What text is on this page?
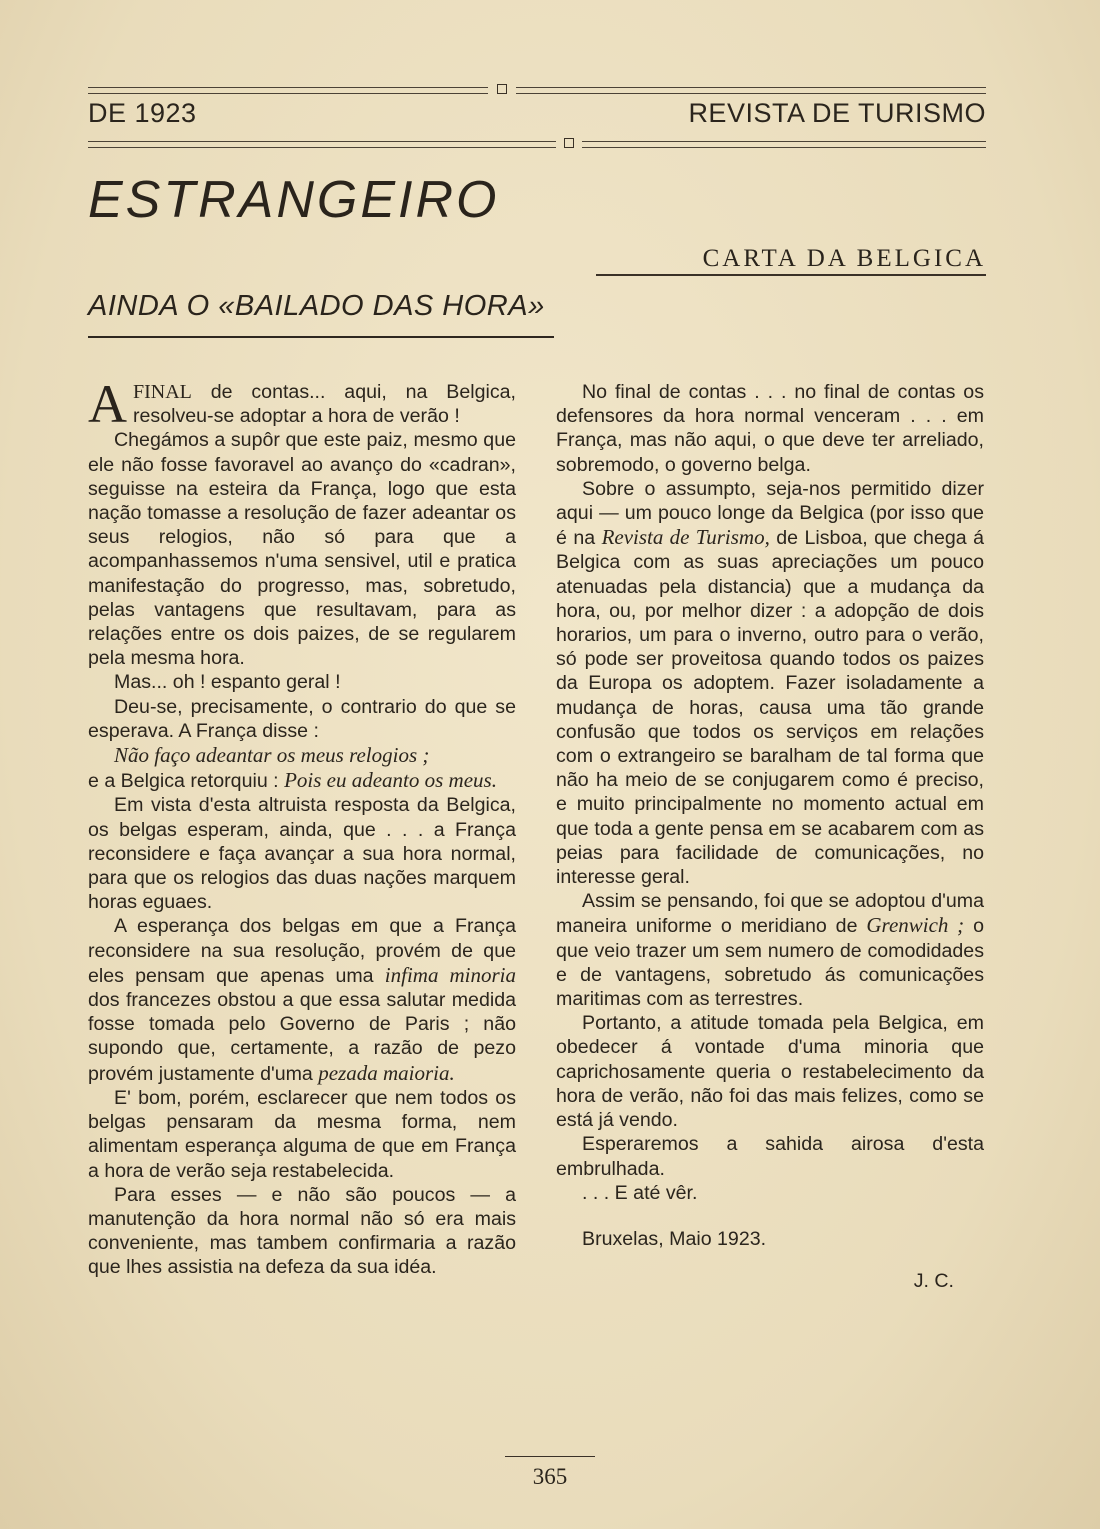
DE 1923	REVISTA DE TURISMO
ESTRANGEIRO
CARTA DA BELGICA
AINDA O «BAILADO DAS HORA»

AFINAL de contas... aqui, na Belgica, resolveu-se adoptar a hora de verão !

Chegámos a supôr que este paiz, mesmo que ele não fosse favoravel ao avanço do «cadran», seguisse na esteira da França, logo que esta nação tomasse a resolução de fazer adeantar os seus relogios, não só para que a acompanhassemos n'uma sensivel, util e pratica manifestação do progresso, mas, sobretudo, pelas vantagens que resultavam, para as relações entre os dois paizes, de se regularem pela mesma hora.

Mas... oh ! espanto geral !

Deu-se, precisamente, o contrario do que se esperava. A França disse :

Não faço adeantar os meus relogios ;

e a Belgica retorquiu : Pois eu adeanto os meus.

Em vista d'esta altruista resposta da Belgica, os belgas esperam, ainda, que . . . a França reconsidere e faça avançar a sua hora normal, para que os relogios das duas nações marquem horas eguaes.

A esperança dos belgas em que a França reconsidere na sua resolução, provém de que eles pensam que apenas uma infima minoria dos francezes obstou a que essa salutar medida fosse tomada pelo Governo de Paris ; não supondo que, certamente, a razão de pezo provém justamente d'uma pezada maioria.

E' bom, porém, esclarecer que nem todos os belgas pensaram da mesma forma, nem alimentam esperança alguma de que em França a hora de verão seja restabelecida.

Para esses — e não são poucos — a manutenção da hora normal não só era mais conveniente, mas tambem confirmaria a razão que lhes assistia na defeza da sua idéa.

No final de contas . . . no final de contas os defensores da hora normal venceram . . . em França, mas não aqui, o que deve ter arreliado, sobremodo, o governo belga.

Sobre o assumpto, seja-nos permitido dizer aqui — um pouco longe da Belgica (por isso que é na Revista de Turismo, de Lisboa, que chega á Belgica com as suas apreciações um pouco atenuadas pela distancia) que a mudança da hora, ou, por melhor dizer : a adopção de dois horarios, um para o inverno, outro para o verão, só pode ser proveitosa quando todos os paizes da Europa os adoptem. Fazer isoladamente a mudança de horas, causa uma tão grande confusão que todos os serviços em relações com o extrangeiro se baralham de tal forma que não ha meio de se conjugarem como é preciso, e muito principalmente no momento actual em que toda a gente pensa em se acabarem com as peias para facilidade de comunicações, no interesse geral.

Assim se pensando, foi que se adoptou d'uma maneira uniforme o meridiano de Grenwich ; o que veio trazer um sem numero de comodidades e de vantagens, sobretudo ás comunicações maritimas com as terrestres.

Portanto, a atitude tomada pela Belgica, em obedecer á vontade d'uma minoria que caprichosamente queria o restabelecimento da hora de verão, não foi das mais felizes, como se está já vendo.

Esperaremos a sahida airosa d'esta embrulhada.

. . . E até vêr.

Bruxelas, Maio 1923.

J. C.

365
